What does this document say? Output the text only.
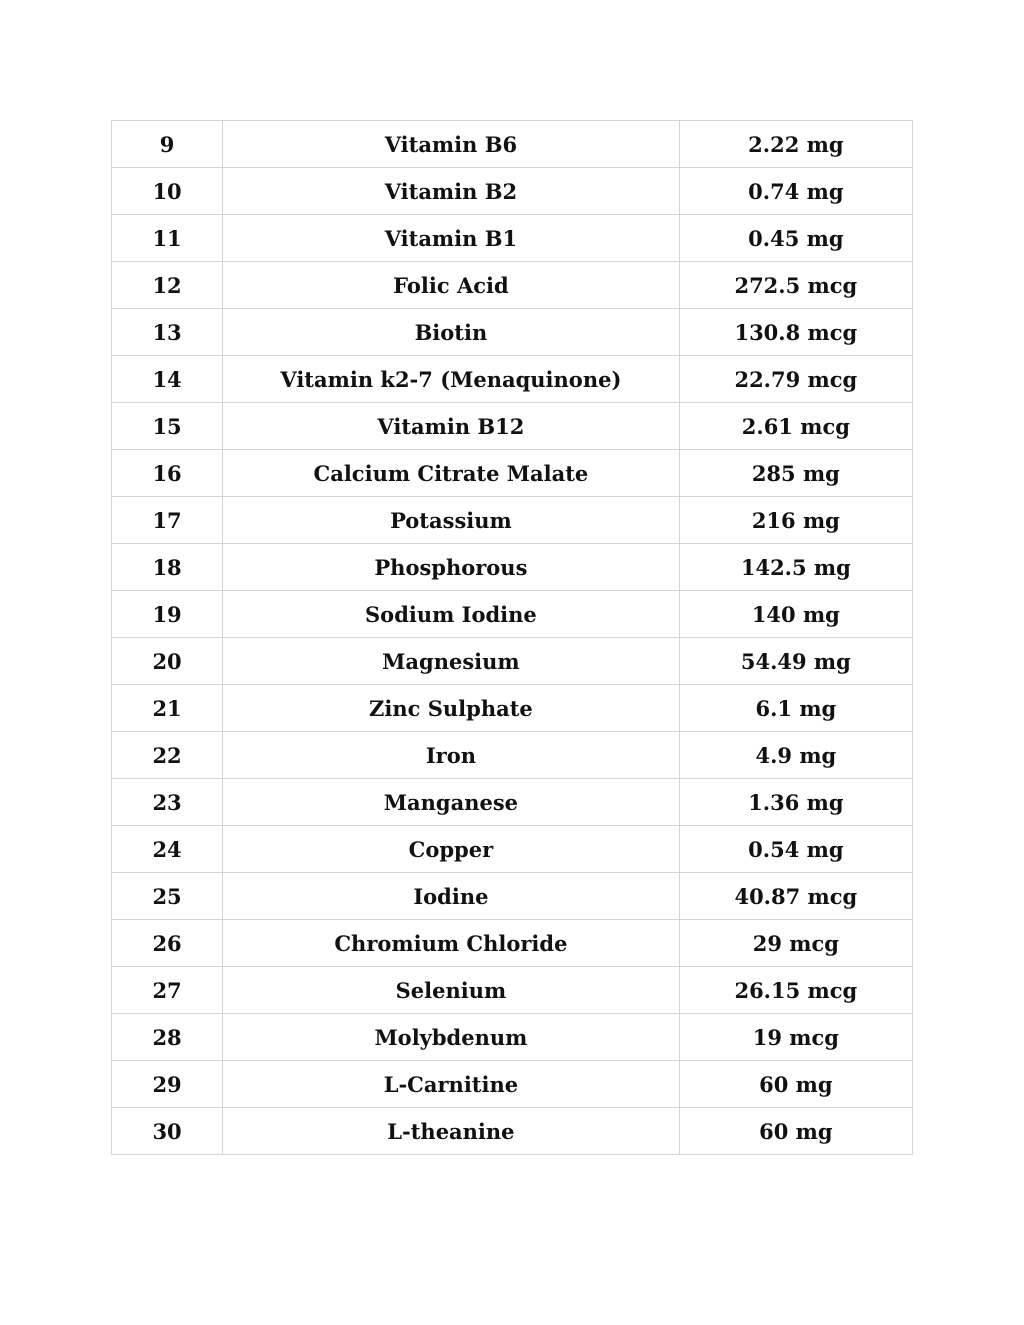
9	Vitamin B6	2.22 mg
10	Vitamin B2	0.74 mg
11	Vitamin B1	0.45 mg
12	Folic Acid	272.5 mcg
13	Biotin	130.8 mcg
14	Vitamin k2-7 (Menaquinone)	22.79 mcg
15	Vitamin B12	2.61 mcg
16	Calcium Citrate Malate	285 mg
17	Potassium	216 mg
18	Phosphorous	142.5 mg
19	Sodium Iodine	140 mg
20	Magnesium	54.49 mg
21	Zinc Sulphate	6.1 mg
22	Iron	4.9 mg
23	Manganese	1.36 mg
24	Copper	0.54 mg
25	Iodine	40.87 mcg
26	Chromium Chloride	29 mcg
27	Selenium	26.15 mcg
28	Molybdenum	19 mcg
29	L-Carnitine	60 mg
30	L-theanine	60 mg
